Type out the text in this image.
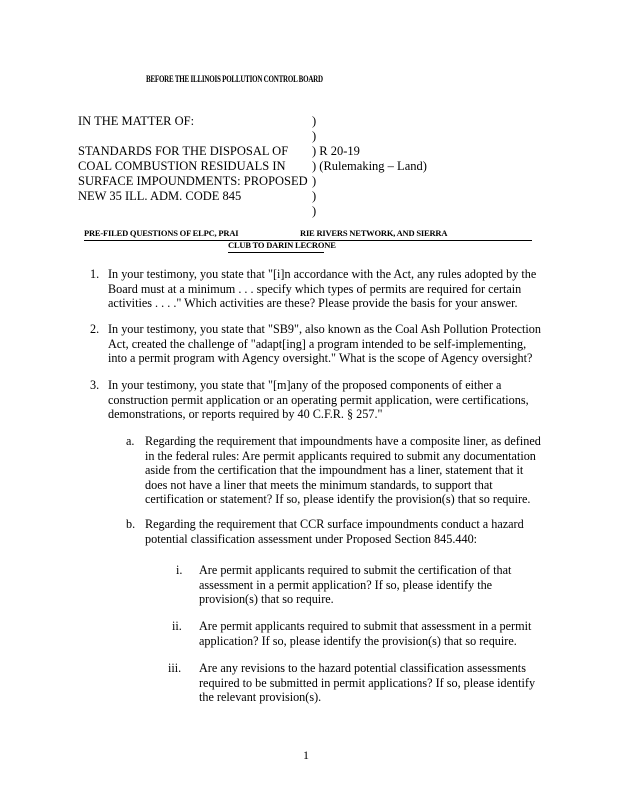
BEFORE THE ILLINOIS POLLUTION CONTROL BOARD
IN THE MATTER OF:

STANDARDS FOR THE DISPOSAL OF
COAL COMBUSTION RESIDUALS IN
SURFACE IMPOUNDMENTS: PROPOSED
NEW 35 ILL. ADM. CODE 845
)
)
) R 20-19
) (Rulemaking – Land)
)
)
)
PRE-FILED QUESTIONS OF ELPC, PRAI	RIE RIVERS NETWORK, AND SIERRA
CLUB TO DARIN LECRONE
1. In your testimony, you state that "[i]n accordance with the Act, any rules adopted by the
Board must at a minimum . . . specify which types of permits are required for certain
activities . . . ." Which activities are these? Please provide the basis for your answer.
2. In your testimony, you state that "SB9", also known as the Coal Ash Pollution Protection
Act, created the challenge of "adapt[ing] a program intended to be self-implementing,
into a permit program with Agency oversight." What is the scope of Agency oversight?
3. In your testimony, you state that "[m]any of the proposed components of either a
construction permit application or an operating permit application, were certifications,
demonstrations, or reports required by 40 C.F.R. § 257."
a. Regarding the requirement that impoundments have a composite liner, as defined
in the federal rules: Are permit applicants required to submit any documentation
aside from the certification that the impoundment has a liner, statement that it
does not have a liner that meets the minimum standards, to support that
certification or statement? If so, please identify the provision(s) that so require.
b. Regarding the requirement that CCR surface impoundments conduct a hazard
potential classification assessment under Proposed Section 845.440:
i. Are permit applicants required to submit the certification of that
assessment in a permit application? If so, please identify the
provision(s) that so require.
ii. Are permit applicants required to submit that assessment in a permit
application? If so, please identify the provision(s) that so require.
iii. Are any revisions to the hazard potential classification assessments
required to be submitted in permit applications? If so, please identify
the relevant provision(s).
1
